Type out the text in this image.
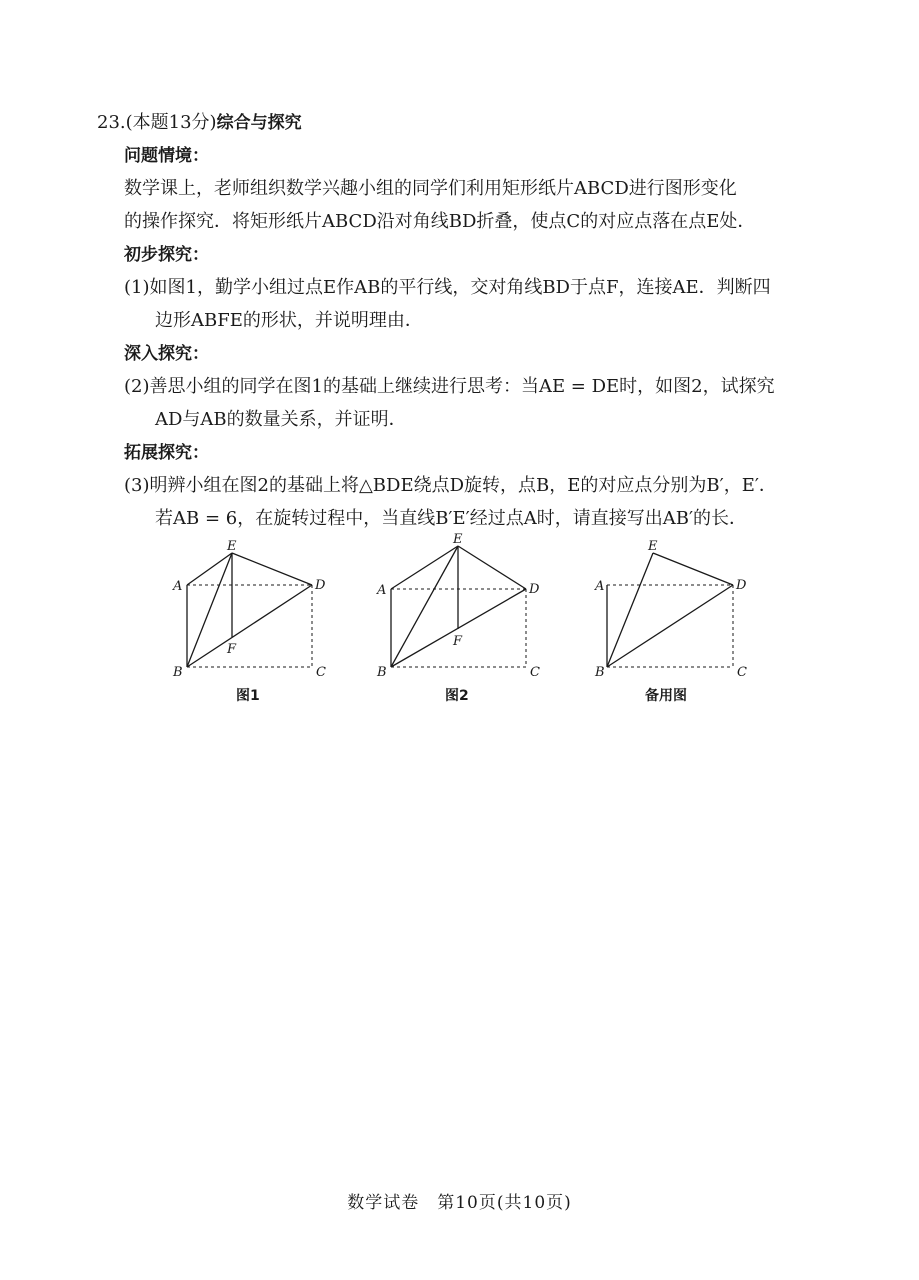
23.(本题13分)综合与探究
问题情境：
数学课上，老师组织数学兴趣小组的同学们利用矩形纸片ABCD进行图形变化
的操作探究．将矩形纸片ABCD沿对角线BD折叠，使点C的对应点落在点E处．
初步探究：
(1)如图1，勤学小组过点E作AB的平行线，交对角线BD于点F，连接AE．判断四
边形ABFE的形状，并说明理由．
深入探究：
(2)善思小组的同学在图1的基础上继续进行思考：当AE = DE时，如图2，试探究
AD与AB的数量关系，并证明．
拓展探究：
(3)明辨小组在图2的基础上将△BDE绕点D旋转，点B，E的对应点分别为B′，E′．
若AB = 6，在旋转过程中，当直线B′E′经过点A时，请直接写出AB′的长．
A
B	C
D
E
F
图1
A
B	C
D
E
F
图2
A
B	C
D
E
备用图
数学试卷　第10页(共10页)
